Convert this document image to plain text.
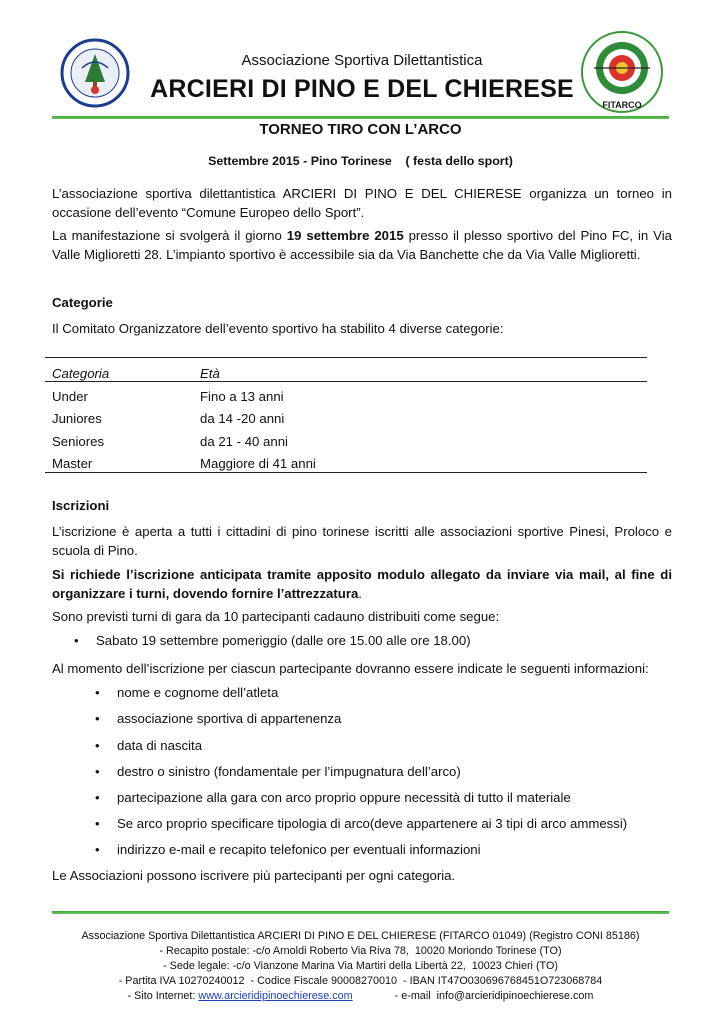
Associazione Sportiva Dilettantistica
ARCIERI DI PINO E DEL CHIERESE
FITARCO
TORNEO TIRO CON L’ARCO
Settembre 2015 - Pino Torinese    ( festa dello sport)
L’associazione sportiva dilettantistica ARCIERI DI PINO E DEL CHIERESE organizza un torneo in occasione dell’evento “Comune Europeo dello Sport”.
La manifestazione si svolgerà il giorno 19 settembre 2015 presso il plesso sportivo del Pino FC, in Via Valle Miglioretti 28. L’impianto sportivo è accessibile sia da Via Banchette che da Via Valle Miglioretti.
Categorie
Il Comitato Organizzatore dell’evento sportivo ha stabilito 4 diverse categorie:
Categoria	Età
Under	Fino a 13 anni
Juniores	da 14 -20 anni
Seniores	da 21 - 40 anni
Master	Maggiore di 41 anni
Iscrizioni
L’iscrizione è aperta a tutti i cittadini di pino torinese iscritti alle associazioni sportive Pinesi, Proloco e scuola di Pino.
Si richiede l’iscrizione anticipata tramite apposito modulo allegato da inviare via mail, al fine di organizzare i turni, dovendo fornire l’attrezzatura.
Sono previsti turni di gara da 10 partecipanti cadauno distribuiti come segue:
• Sabato 19 settembre pomeriggio (dalle ore 15.00 alle ore 18.00)
Al momento dell’iscrizione per ciascun partecipante dovranno essere indicate le seguenti informazioni:
• nome e cognome dell’atleta
• associazione sportiva di appartenenza
• data di nascita
• destro o sinistro (fondamentale per l’impugnatura dell’arco)
• partecipazione alla gara con arco proprio oppure necessità di tutto il materiale
• Se arco proprio specificare tipologia di arco(deve appartenere ai 3 tipi di arco ammessi)
• indirizzo e-mail e recapito telefonico per eventuali informazioni
Le Associazioni possono iscrivere più partecipanti per ogni categoria.
Associazione Sportiva Dilettantistica ARCIERI DI PINO E DEL CHIERESE (FITARCO 01049) (Registro CONI 85186)
- Recapito postale: -c/o Arnoldi Roberto Via Riva 78,  10020 Moriondo Torinese (TO)
- Sede legale: -c/o Vianzone Marina Via Martiri della Libertà 22,  10023 Chieri (TO)
- Partita IVA 10270240012  - Codice Fiscale 90008270010  - IBAN IT47O030696768451O723068784
- Sito Internet: www.arcieridipinoechierese.com              - e-mail  info@arcieridipinoechierese.com
